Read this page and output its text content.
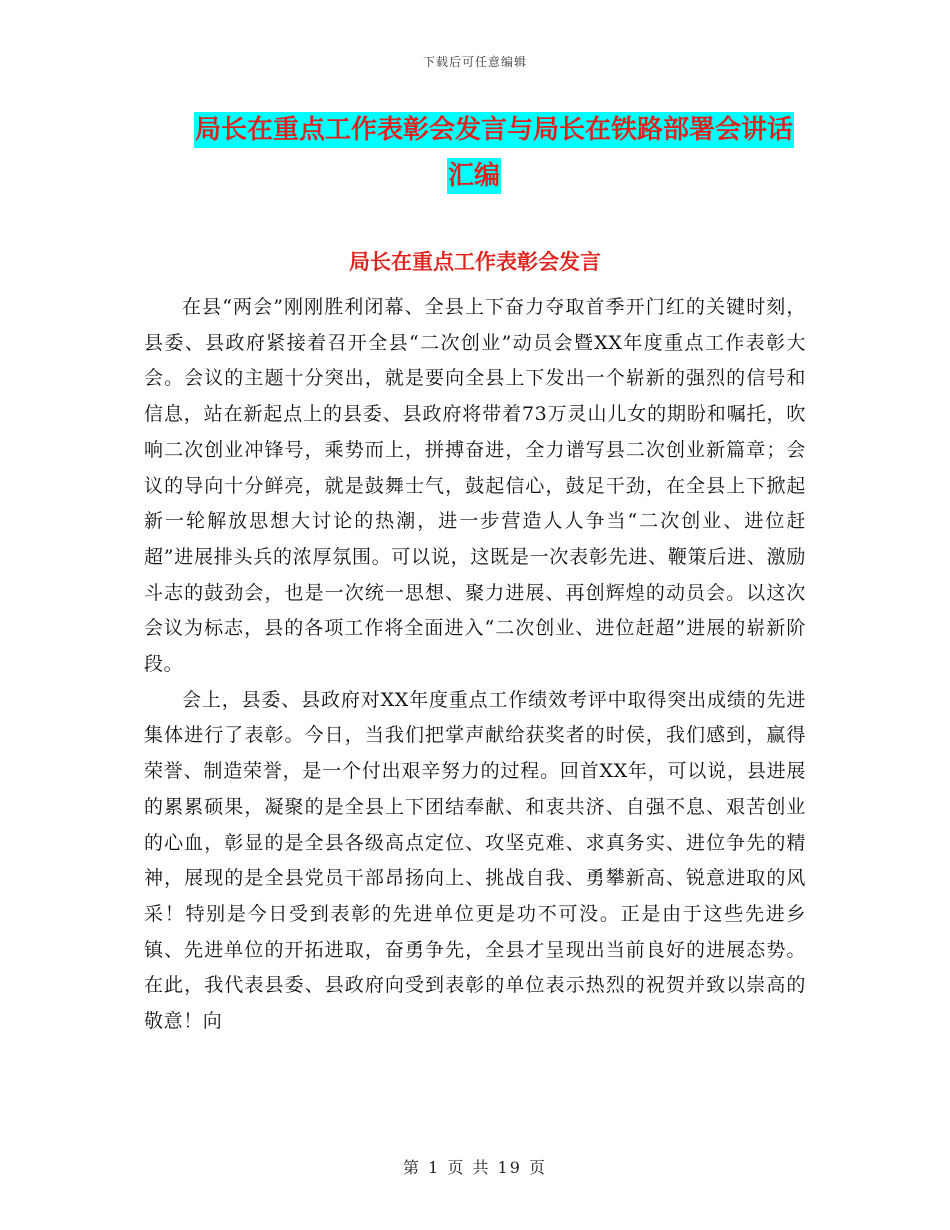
下载后可任意编辑
局长在重点工作表彰会发言与局长在铁路部署会讲话
汇编
局长在重点工作表彰会发言

在县“两会”刚刚胜利闭幕、全县上下奋力夺取首季开门红的关键时刻，县委、县政府紧接着召开全县“二次创业”动员会暨XX年度重点工作表彰大会。会议的主题十分突出，就是要向全县上下发出一个崭新的强烈的信号和信息，站在新起点上的县委、县政府将带着73万灵山儿女的期盼和嘱托，吹响二次创业冲锋号，乘势而上，拼搏奋进，全力谱写县二次创业新篇章；会议的导向十分鲜亮，就是鼓舞士气，鼓起信心，鼓足干劲，在全县上下掀起新一轮解放思想大讨论的热潮，进一步营造人人争当“二次创业、进位赶超”进展排头兵的浓厚氛围。可以说，这既是一次表彰先进、鞭策后进、激励斗志的鼓劲会，也是一次统一思想、聚力进展、再创辉煌的动员会。以这次会议为标志，县的各项工作将全面进入“二次创业、进位赶超”进展的崭新阶段。

会上，县委、县政府对XX年度重点工作绩效考评中取得突出成绩的先进集体进行了表彰。今日，当我们把掌声献给获奖者的时侯，我们感到，赢得荣誉、制造荣誉，是一个付出艰辛努力的过程。回首XX年，可以说，县进展的累累硕果，凝聚的是全县上下团结奉献、和衷共济、自强不息、艰苦创业的心血，彰显的是全县各级高点定位、攻坚克难、求真务实、进位争先的精神，展现的是全县党员干部昂扬向上、挑战自我、勇攀新高、锐意进取的风采！特别是今日受到表彰的先进单位更是功不可没。正是由于这些先进乡镇、先进单位的开拓进取，奋勇争先，全县才呈现出当前良好的进展态势。在此，我代表县委、县政府向受到表彰的单位表示热烈的祝贺并致以崇高的敬意！向

第 1 页 共 19 页
